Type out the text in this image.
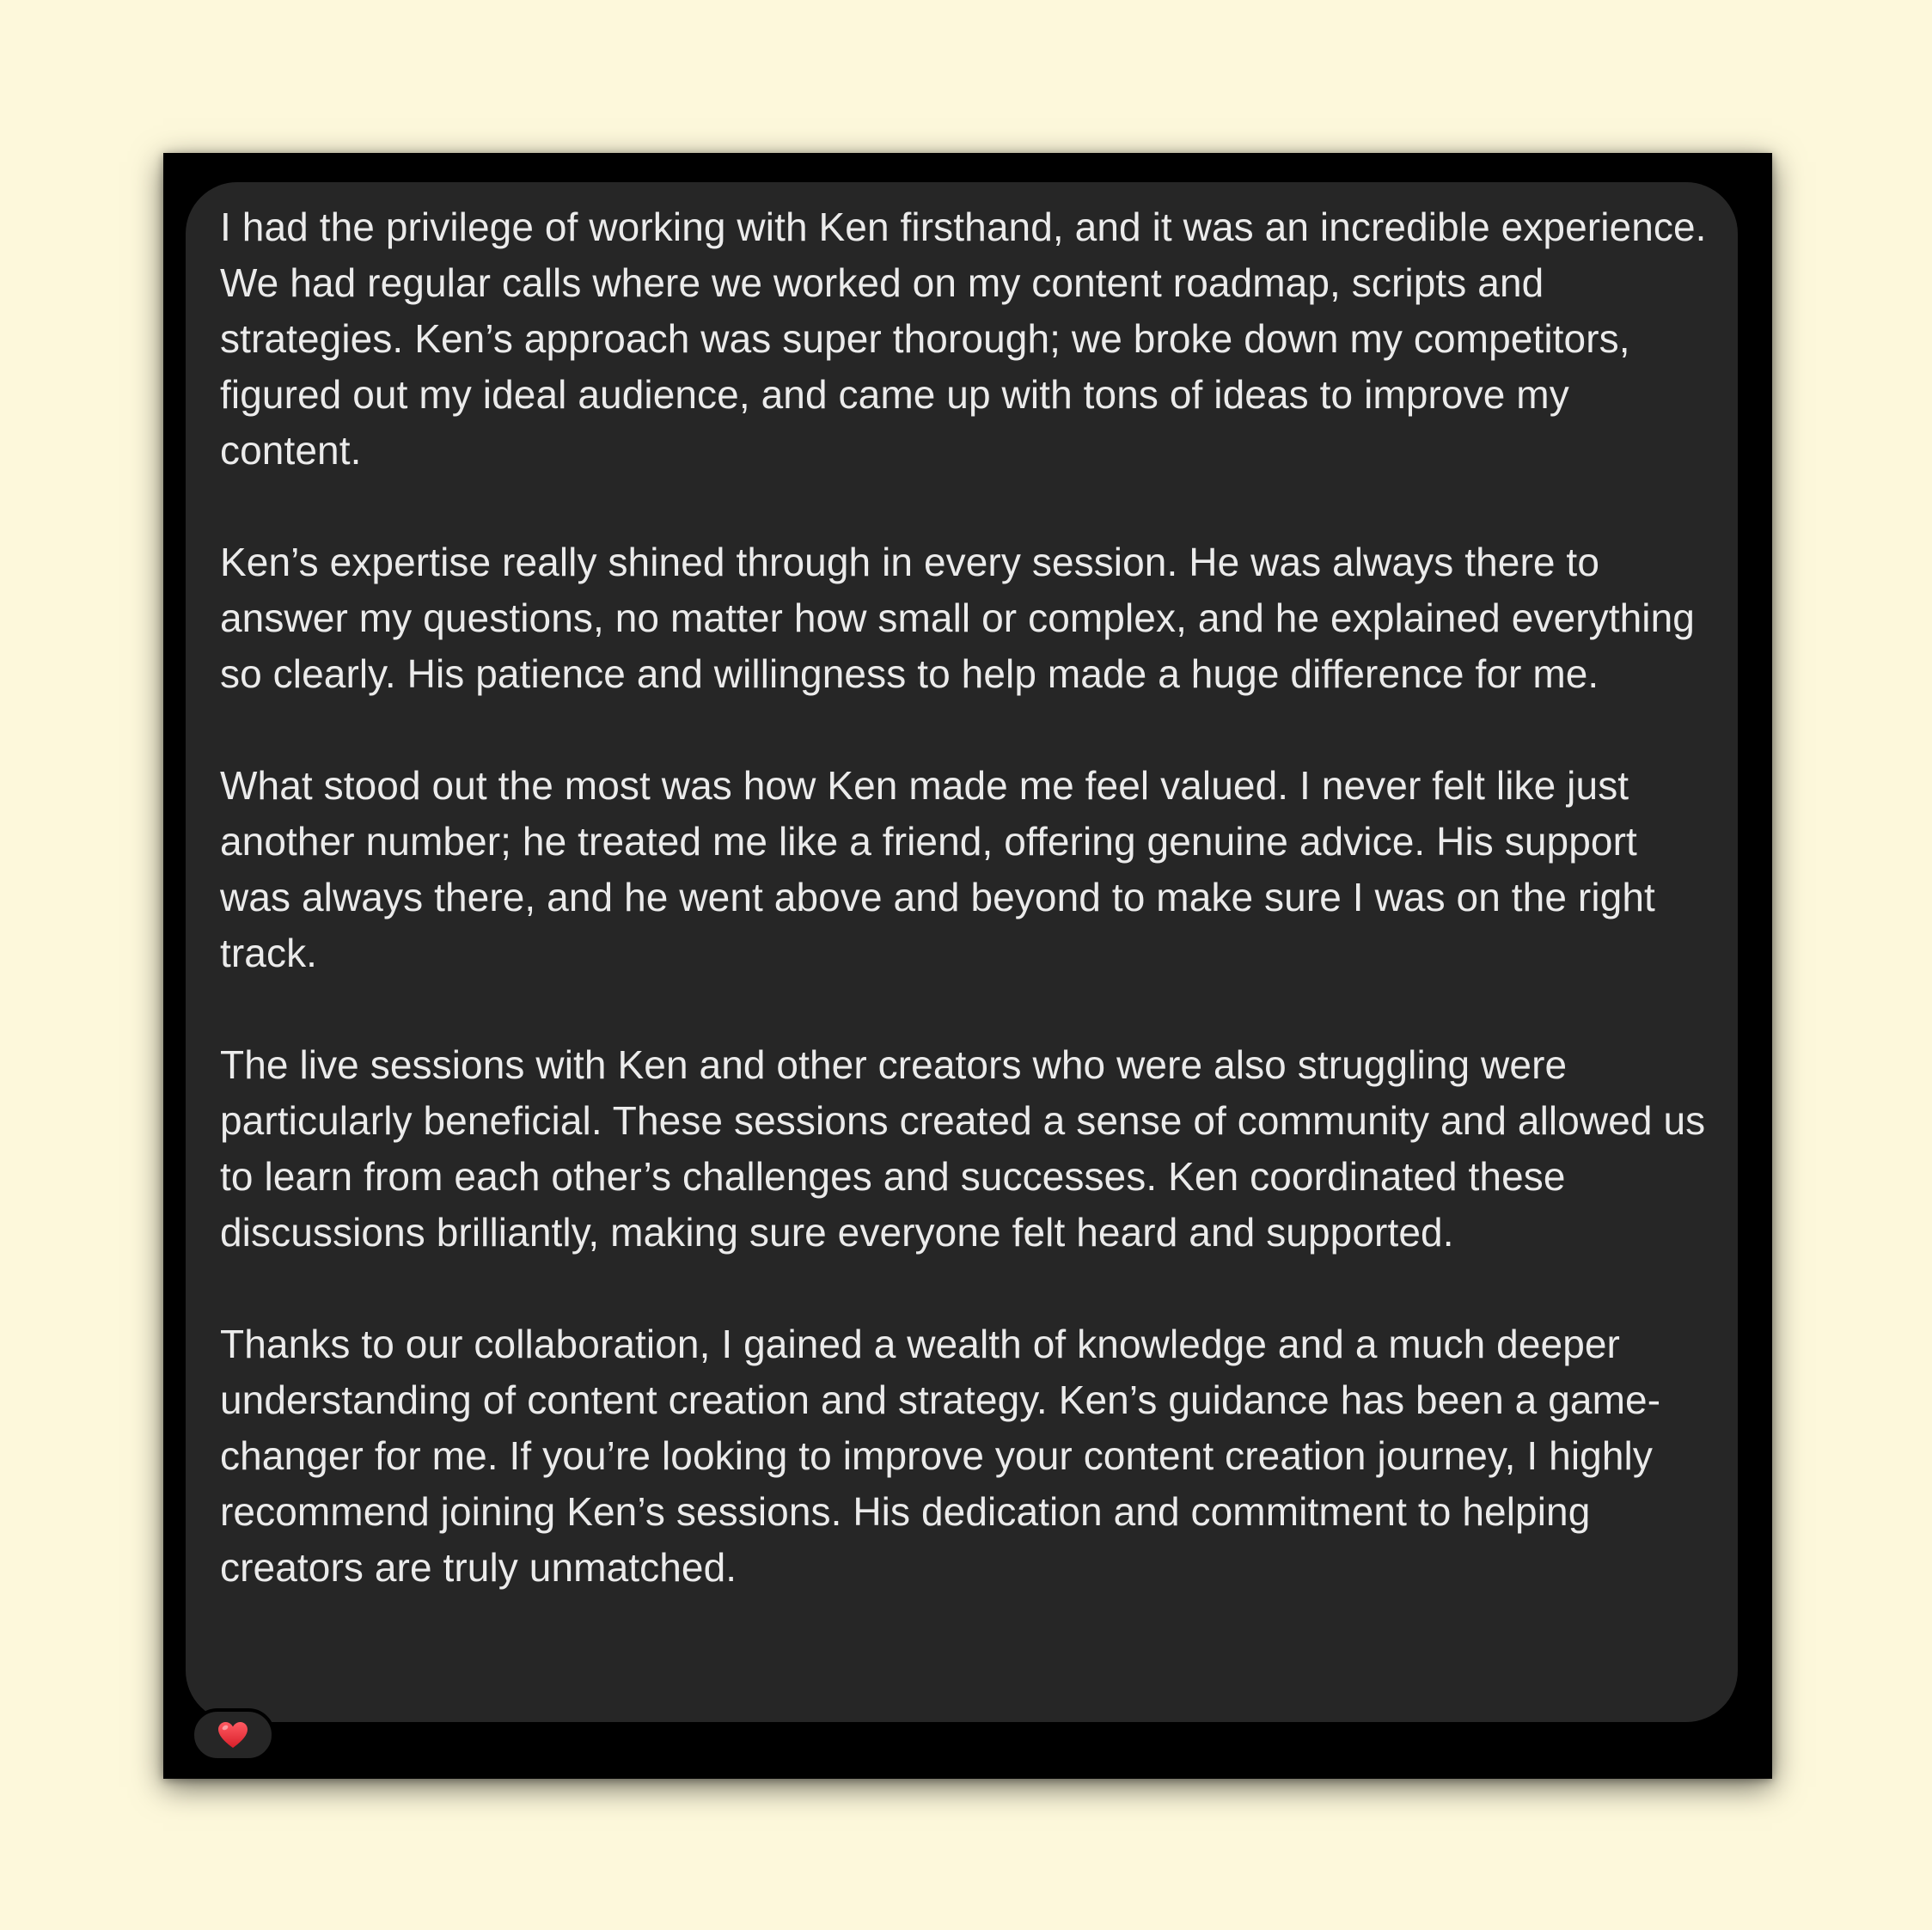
I had the privilege of working with Ken firsthand, and it was an incredible experience. We had regular calls where we worked on my content roadmap, scripts and strategies. Ken’s approach was super thorough; we broke down my competitors, figured out my ideal audience, and came up with tons of ideas to improve my content.

Ken’s expertise really shined through in every session. He was always there to answer my questions, no matter how small or complex, and he explained everything so clearly. His patience and willingness to help made a huge difference for me.

What stood out the most was how Ken made me feel valued. I never felt like just another number; he treated me like a friend, offering genuine advice. His support was always there, and he went above and beyond to make sure I was on the right track.

The live sessions with Ken and other creators who were also struggling were particularly beneficial. These sessions created a sense of community and allowed us to learn from each other’s challenges and successes. Ken coordinated these discussions brilliantly, making sure everyone felt heard and supported.

Thanks to our collaboration, I gained a wealth of knowledge and a much deeper understanding of content creation and strategy. Ken’s guidance has been a game-changer for me. If you’re looking to improve your content creation journey, I highly recommend joining Ken’s sessions. His dedication and commitment to helping creators are truly unmatched.
